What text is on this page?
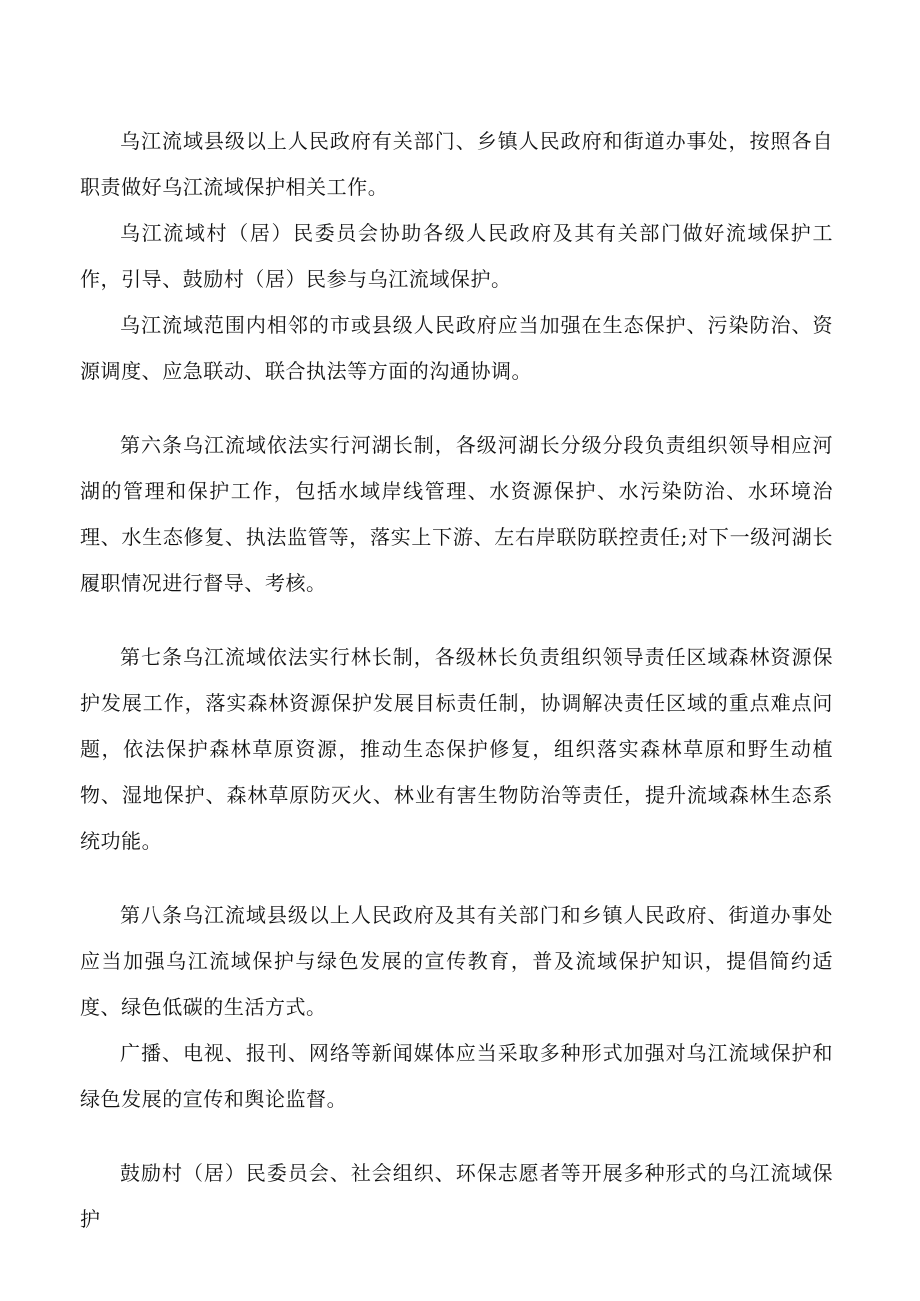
乌江流域县级以上人民政府有关部门、乡镇人民政府和街道办事处，按照各自职责做好乌江流域保护相关工作。

乌江流域村（居）民委员会协助各级人民政府及其有关部门做好流域保护工作，引导、鼓励村（居）民参与乌江流域保护。

乌江流域范围内相邻的市或县级人民政府应当加强在生态保护、污染防治、资源调度、应急联动、联合执法等方面的沟通协调。

第六条乌江流域依法实行河湖长制，各级河湖长分级分段负责组织领导相应河湖的管理和保护工作，包括水域岸线管理、水资源保护、水污染防治、水环境治理、水生态修复、执法监管等，落实上下游、左右岸联防联控责任;对下一级河湖长履职情况进行督导、考核。

第七条乌江流域依法实行林长制，各级林长负责组织领导责任区域森林资源保护发展工作，落实森林资源保护发展目标责任制，协调解决责任区域的重点难点问题，依法保护森林草原资源，推动生态保护修复，组织落实森林草原和野生动植物、湿地保护、森林草原防灭火、林业有害生物防治等责任，提升流域森林生态系统功能。

第八条乌江流域县级以上人民政府及其有关部门和乡镇人民政府、街道办事处应当加强乌江流域保护与绿色发展的宣传教育，普及流域保护知识，提倡简约适度、绿色低碳的生活方式。

广播、电视、报刊、网络等新闻媒体应当采取多种形式加强对乌江流域保护和绿色发展的宣传和舆论监督。

鼓励村（居）民委员会、社会组织、环保志愿者等开展多种形式的乌江流域保护
